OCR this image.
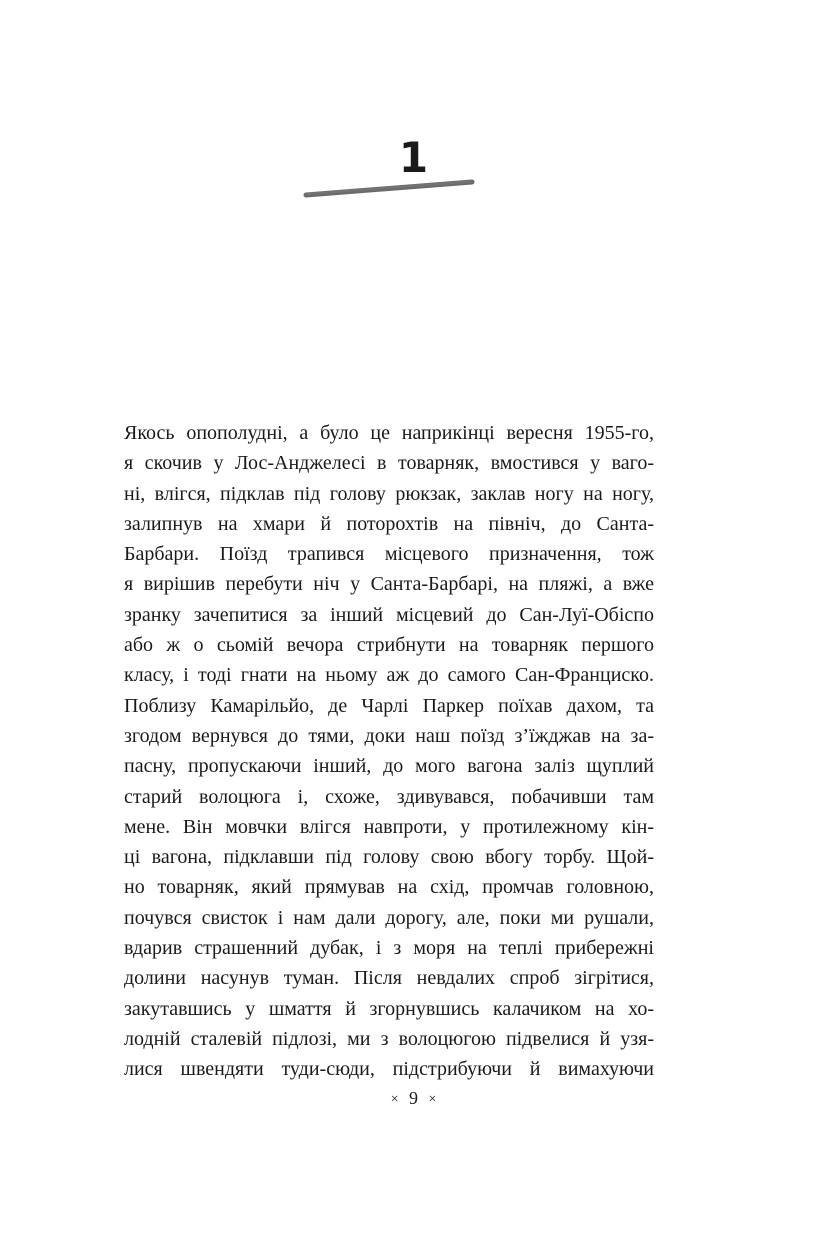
1
Якось опополудні, а було це наприкінці вересня 1955-го,
я скочив у Лос-Анджелесі в товарняк, вмостився у ваго-
ні, влігся, підклав під голову рюкзак, заклав ногу на ногу,
залипнув на хмари й поторохтів на північ, до Санта-
Барбари. Поїзд трапився місцевого призначення, тож
я вирішив перебути ніч у Санта-Барбарі, на пляжі, а вже
зранку зачепитися за інший місцевий до Сан-Луї-Обіспо
або ж о сьомій вечора стрибнути на товарняк першого
класу, і тоді гнати на ньому аж до самого Сан-Франциско.
Поблизу Камарільйо, де Чарлі Паркер поїхав дахом, та
згодом вернувся до тями, доки наш поїзд з’їжджав на за-
пасну, пропускаючи інший, до мого вагона заліз щуплий
старий волоцюга і, схоже, здивувався, побачивши там
мене. Він мовчки влігся навпроти, у протилежному кін-
ці вагона, підклавши під голову свою вбогу торбу. Щой-
но товарняк, який прямував на схід, промчав головною,
почувся свисток і нам дали дорогу, але, поки ми рушали,
вдарив страшенний дубак, і з моря на теплі прибережні
долини насунув туман. Після невдалих спроб зігрітися,
закутавшись у шмаття й згорнувшись калачиком на хо-
лодній сталевій підлозі, ми з волоцюгою підвелися й узя-
лися швендяти туди-сюди, підстрибуючи й вимахуючи
× 9 ×
